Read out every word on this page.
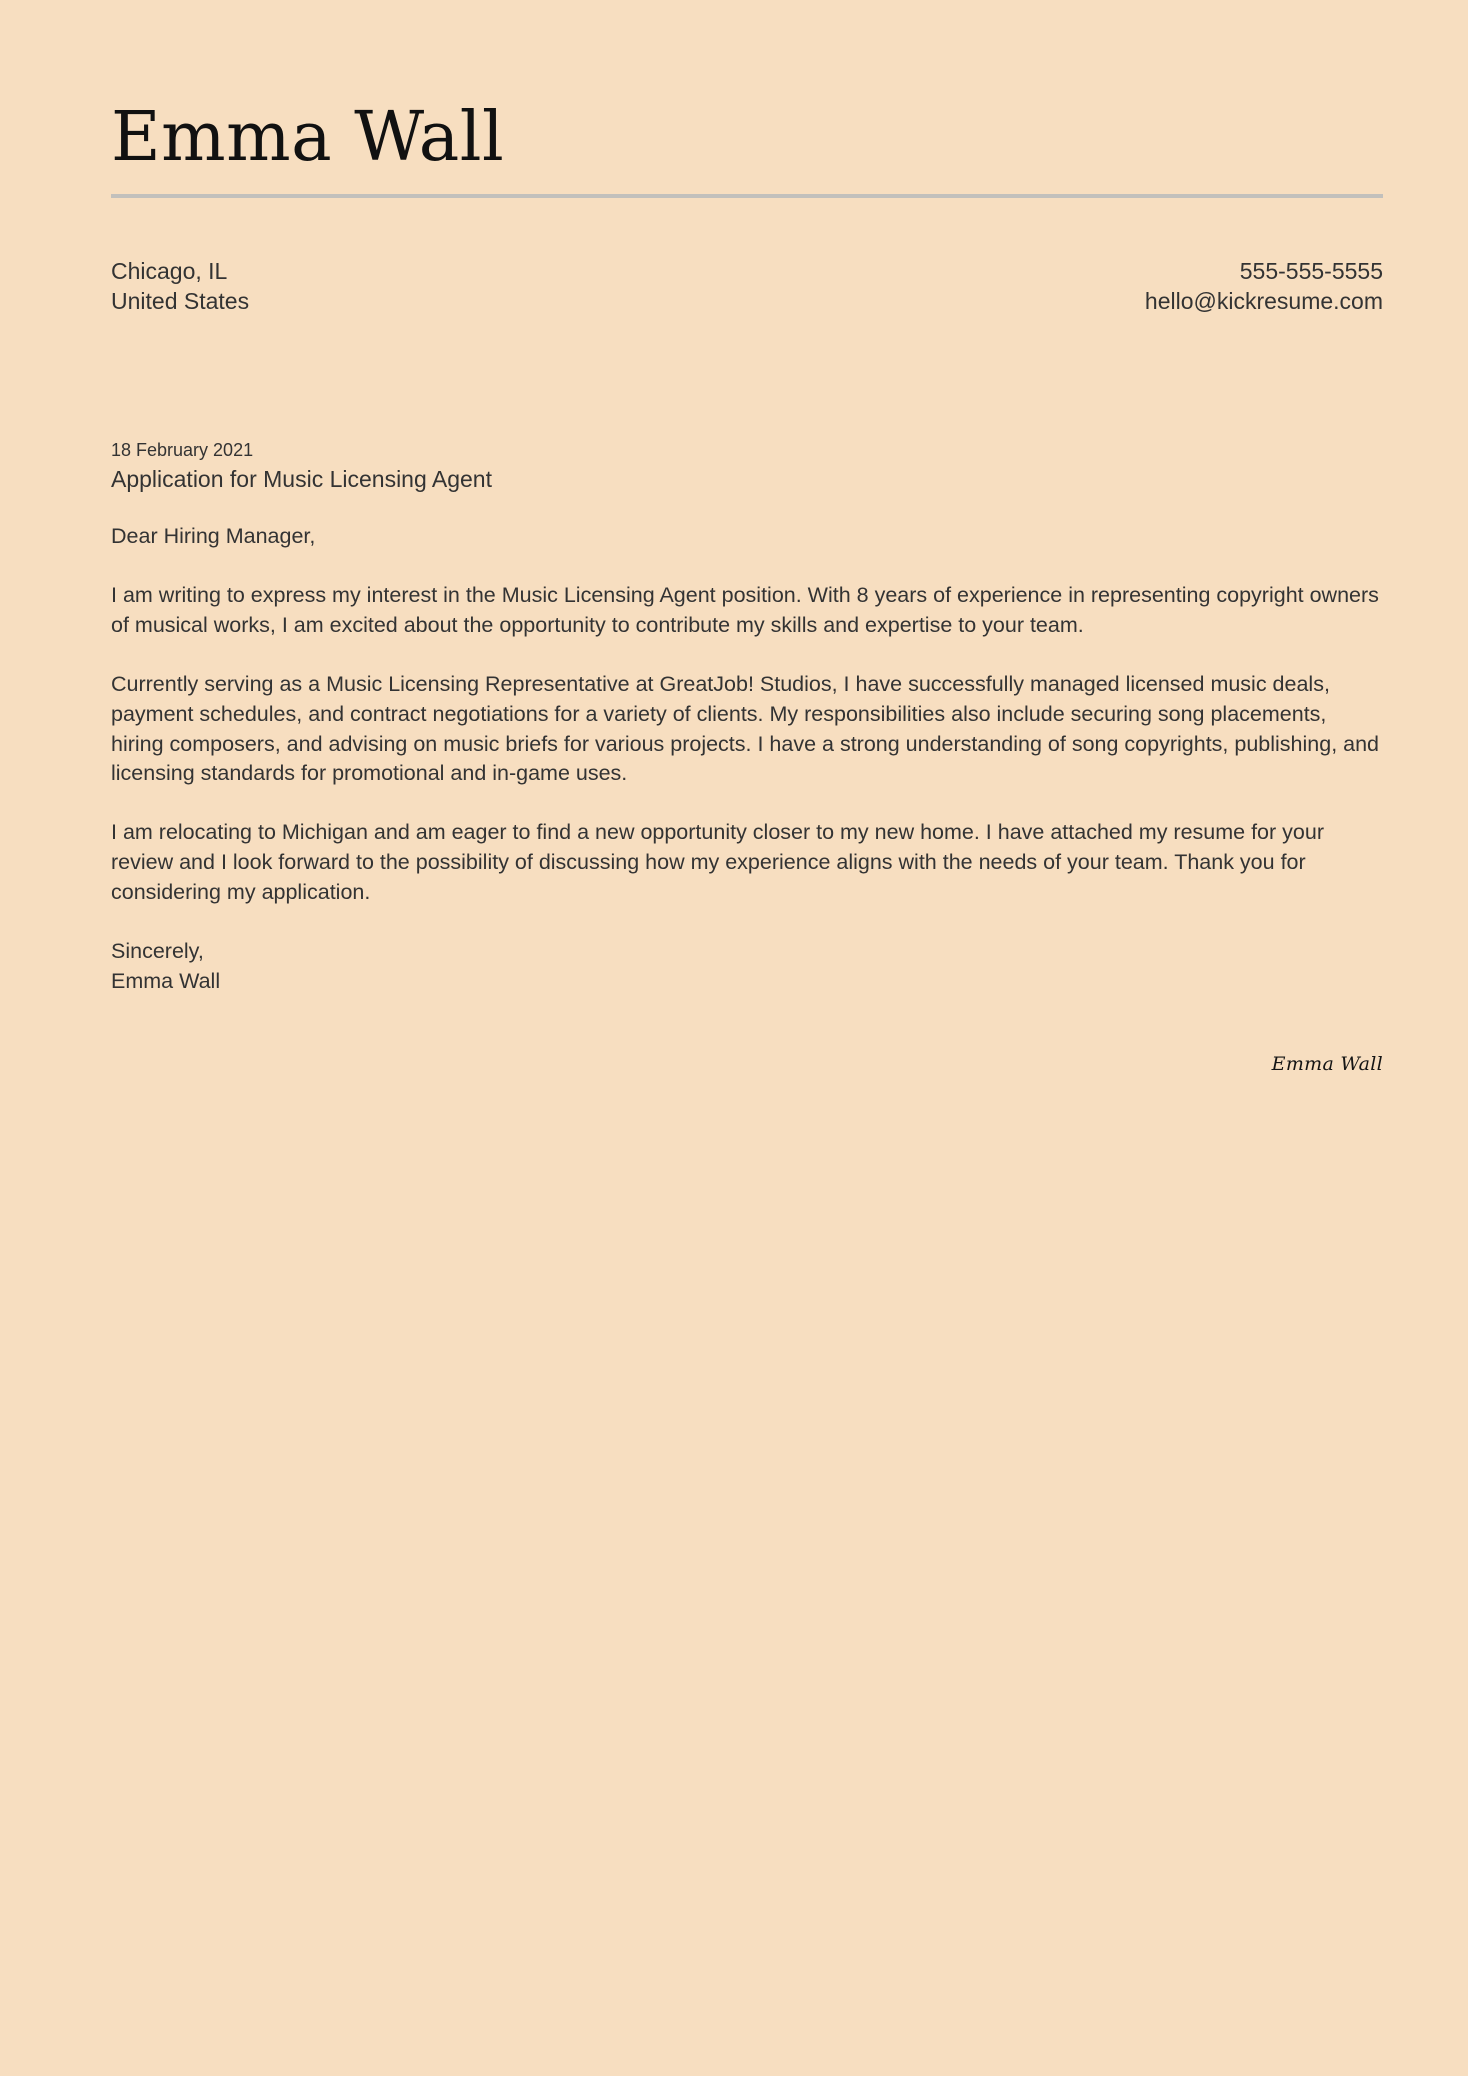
Emma Wall
Chicago, IL
United States
555-555-5555
hello@kickresume.com
18 February 2021
Application for Music Licensing Agent

Dear Hiring Manager,

I am writing to express my interest in the Music Licensing Agent position. With 8 years of experience in representing copyright owners of musical works, I am excited about the opportunity to contribute my skills and expertise to your team.

Currently serving as a Music Licensing Representative at GreatJob! Studios, I have successfully managed licensed music deals, payment schedules, and contract negotiations for a variety of clients. My responsibilities also include securing song placements, hiring composers, and advising on music briefs for various projects. I have a strong understanding of song copyrights, publishing, and licensing standards for promotional and in-game uses.

I am relocating to Michigan and am eager to find a new opportunity closer to my new home. I have attached my resume for your review and I look forward to the possibility of discussing how my experience aligns with the needs of your team. Thank you for considering my application.

Sincerely,

Emma Wall

Emma Wall
